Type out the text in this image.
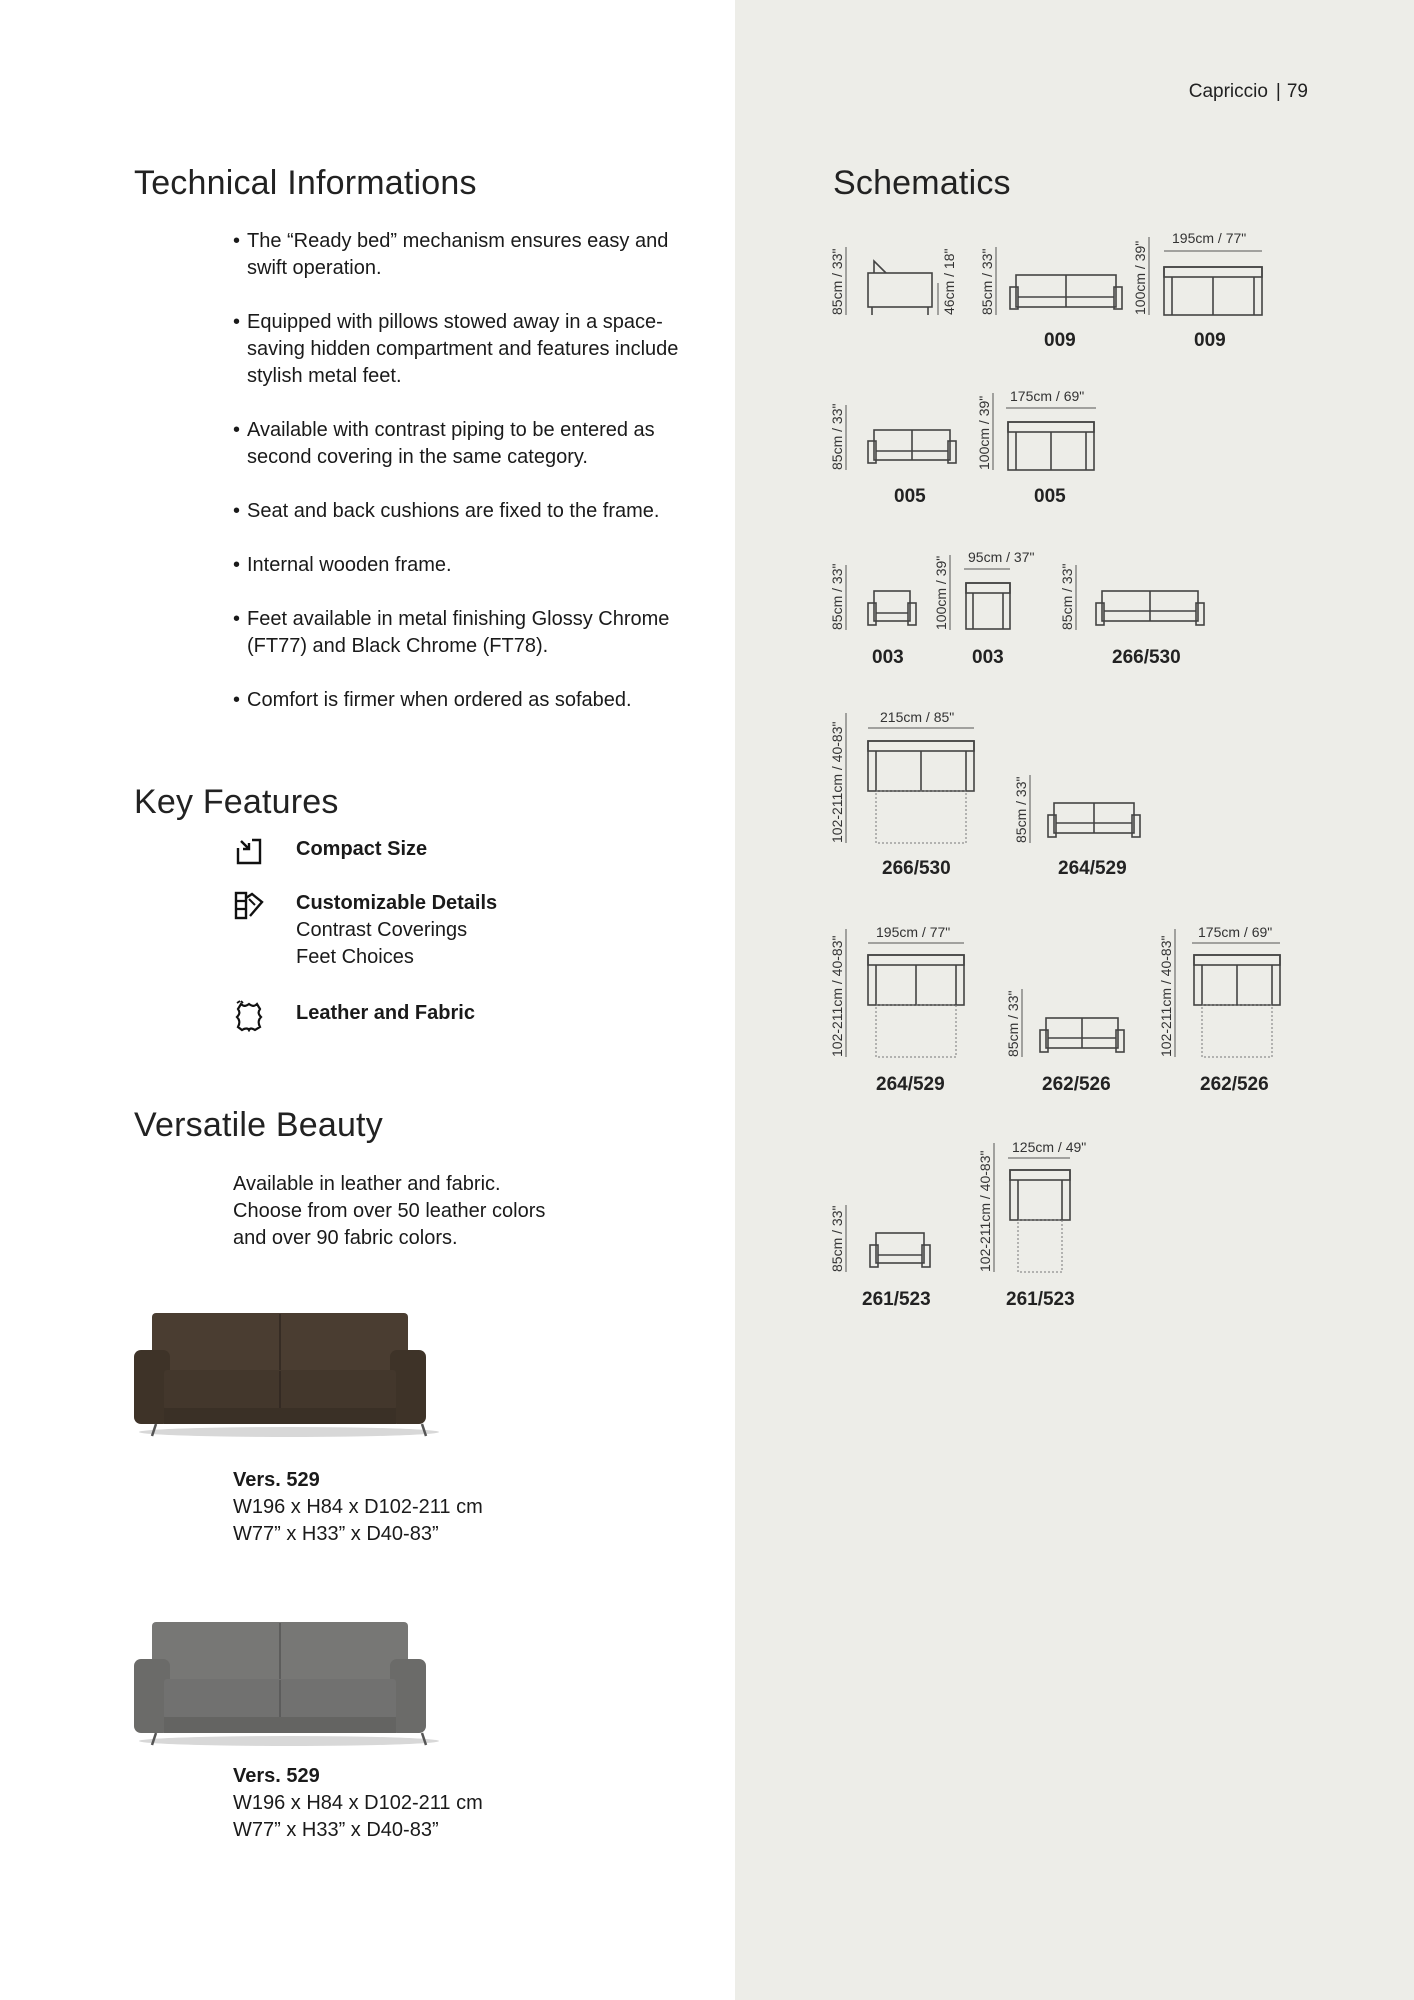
Capriccio | 79
Technical Informations
• The “Ready bed” mechanism ensures easy and swift operation.
• Equipped with pillows stowed away in a space-saving hidden compartment and features include stylish metal feet.
• Available with contrast piping to be entered as second covering in the same category.
• Seat and back cushions are fixed to the frame.
• Internal wooden frame.
• Feet available in metal finishing Glossy Chrome (FT77) and Black Chrome (FT78).
• Comfort is firmer when ordered as sofabed.
Key Features
Compact Size
Customizable Details
Contrast Coverings
Feet Choices
Leather and Fabric
Versatile Beauty
Available in leather and fabric.
Choose from over 50 leather colors
and over 90 fabric colors.
Vers. 529
W196 x H84 x D102-211 cm
W77” x H33” x D40-83”
Vers. 529
W196 x H84 x D102-211 cm
W77” x H33” x D40-83”
Schematics
85cm / 33"	46cm / 18" 85cm / 33"
009
100cm / 39"
195cm / 77"
009
85cm / 33"
005
100cm / 39" 175cm / 69"
005
85cm / 33"
003
100cm / 39" 95cm / 37"
003
85cm / 33"
266/530
102-211cm / 40-83"
215cm / 85"
266/530
85cm / 33"
264/529
102-211cm / 40-83"
195cm / 77"
264/529
85cm / 33"
262/526
102-211cm / 40-83"
175cm / 69"
262/526
85cm / 33"
261/523
102-211cm / 40-83"
125cm / 49"
261/523
